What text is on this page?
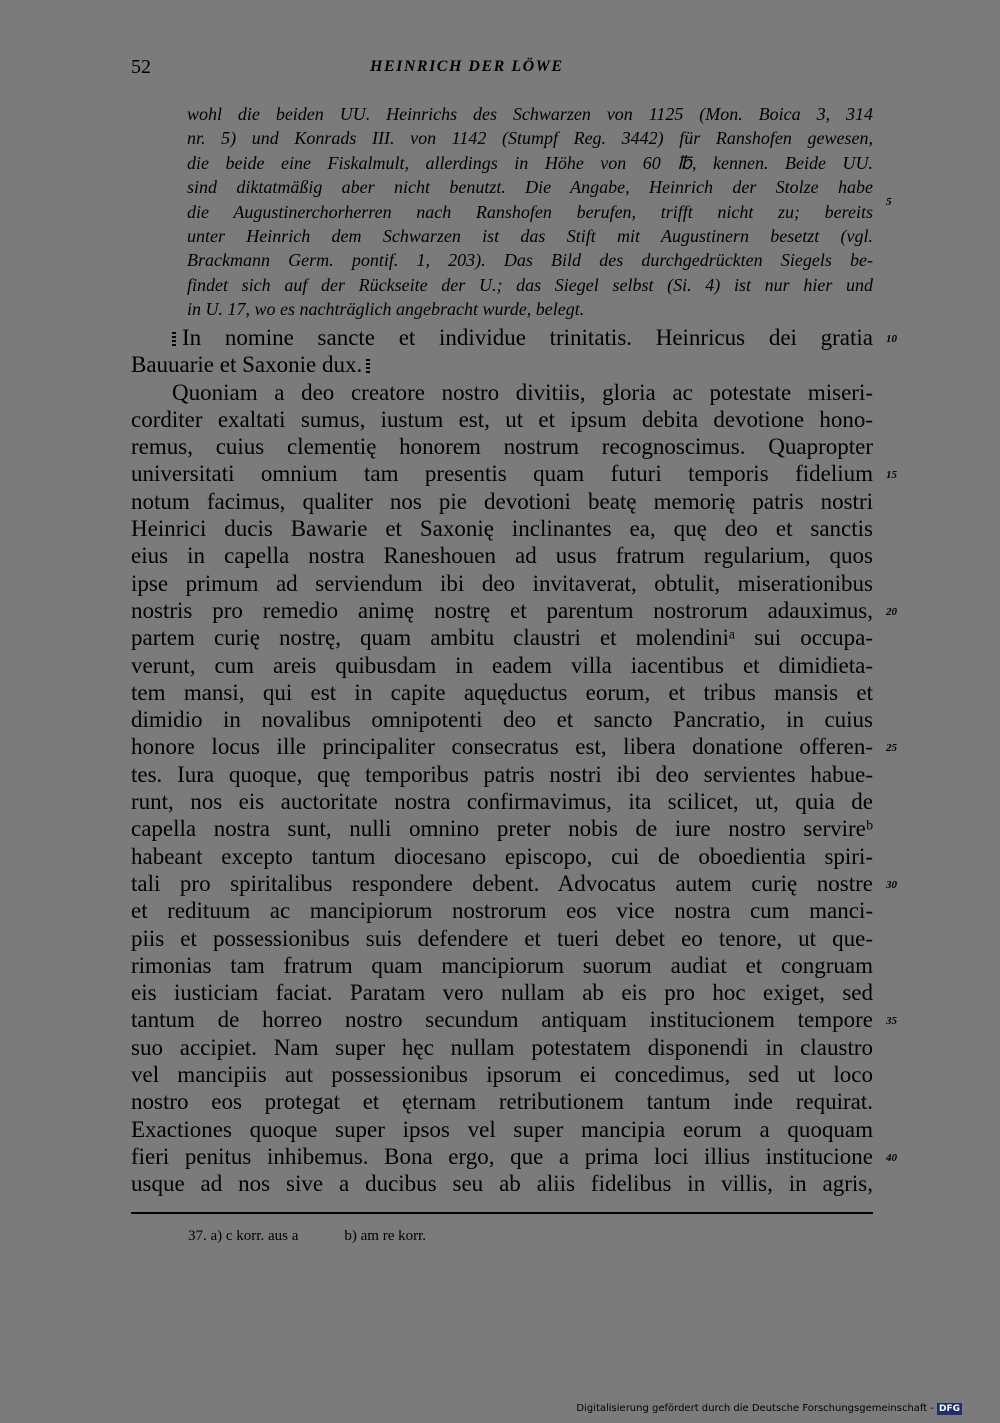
52	HEINRICH DER LÖWE
wohl die beiden UU. Heinrichs des Schwarzen von 1125 (Mon. Boica 3, 314
nr. 5) und Konrads III. von 1142 (Stumpf Reg. 3442) für Ranshofen gewesen,
die beide eine Fiskalmult, allerdings in Höhe von 60 ℔, kennen. Beide UU.
sind diktatmäßig aber nicht benutzt. Die Angabe, Heinrich der Stolze habe
die Augustinerchorherren nach Ranshofen berufen, trifft nicht zu; bereits
unter Heinrich dem Schwarzen ist das Stift mit Augustinern besetzt (vgl.
Brackmann Germ. pontif. 1, 203). Das Bild des durchgedrückten Siegels be-
findet sich auf der Rückseite der U.; das Siegel selbst (Si. 4) ist nur hier und
in U. 17, wo es nachträglich angebracht wurde, belegt.
In nomine sancte et individue trinitatis. Heinricus dei gratia
Bauuarie et Saxonie dux.
Quoniam a deo creatore nostro divitiis, gloria ac potestate miseri-
corditer exaltati sumus, iustum est, ut et ipsum debita devotione hono-
remus, cuius clementię honorem nostrum recognoscimus. Quapropter
universitati omnium tam presentis quam futuri temporis fidelium
notum facimus, qualiter nos pie devotioni beatę memorię patris nostri
Heinrici ducis Bawarie et Saxonię inclinantes ea, quę deo et sanctis
eius in capella nostra Raneshouen ad usus fratrum regularium, quos
ipse primum ad serviendum ibi deo invitaverat, obtulit, miserationibus
nostris pro remedio animę nostrę et parentum nostrorum adauximus,
partem curię nostrę, quam ambitu claustri et molendiniᵃ sui occupa-
verunt, cum areis quibusdam in eadem villa iacentibus et dimidieta-
tem mansi, qui est in capite aquęductus eorum, et tribus mansis et
dimidio in novalibus omnipotenti deo et sancto Pancratio, in cuius
honore locus ille principaliter consecratus est, libera donatione offeren-
tes. Iura quoque, quę temporibus patris nostri ibi deo servientes habue-
runt, nos eis auctoritate nostra confirmavimus, ita scilicet, ut, quia de
capella nostra sunt, nulli omnino preter nobis de iure nostro servireᵇ
habeant excepto tantum diocesano episcopo, cui de oboedientia spiri-
tali pro spiritalibus respondere debent. Advocatus autem curię nostre
et redituum ac mancipiorum nostrorum eos vice nostra cum manci-
piis et possessionibus suis defendere et tueri debet eo tenore, ut que-
rimonias tam fratrum quam mancipiorum suorum audiat et congruam
eis iusticiam faciat. Paratam vero nullam ab eis pro hoc exiget, sed
tantum de horreo nostro secundum antiquam institucionem tempore
suo accipiet. Nam super hęc nullam potestatem disponendi in claustro
vel mancipiis aut possessionibus ipsorum ei concedimus, sed ut loco
nostro eos protegat et ęternam retributionem tantum inde requirat.
Exactiones quoque super ipsos vel super mancipia eorum a quoquam
fieri penitus inhibemus. Bona ergo, que a prima loci illius institucione
usque ad nos sive a ducibus seu ab aliis fidelibus in villis, in agris,
5
10
15
20
25
30
35
40
37. a) c korr. aus a	b) am re korr.
Digitalisierung gefördert durch die Deutsche Forschungsgemeinschaft - DFG
